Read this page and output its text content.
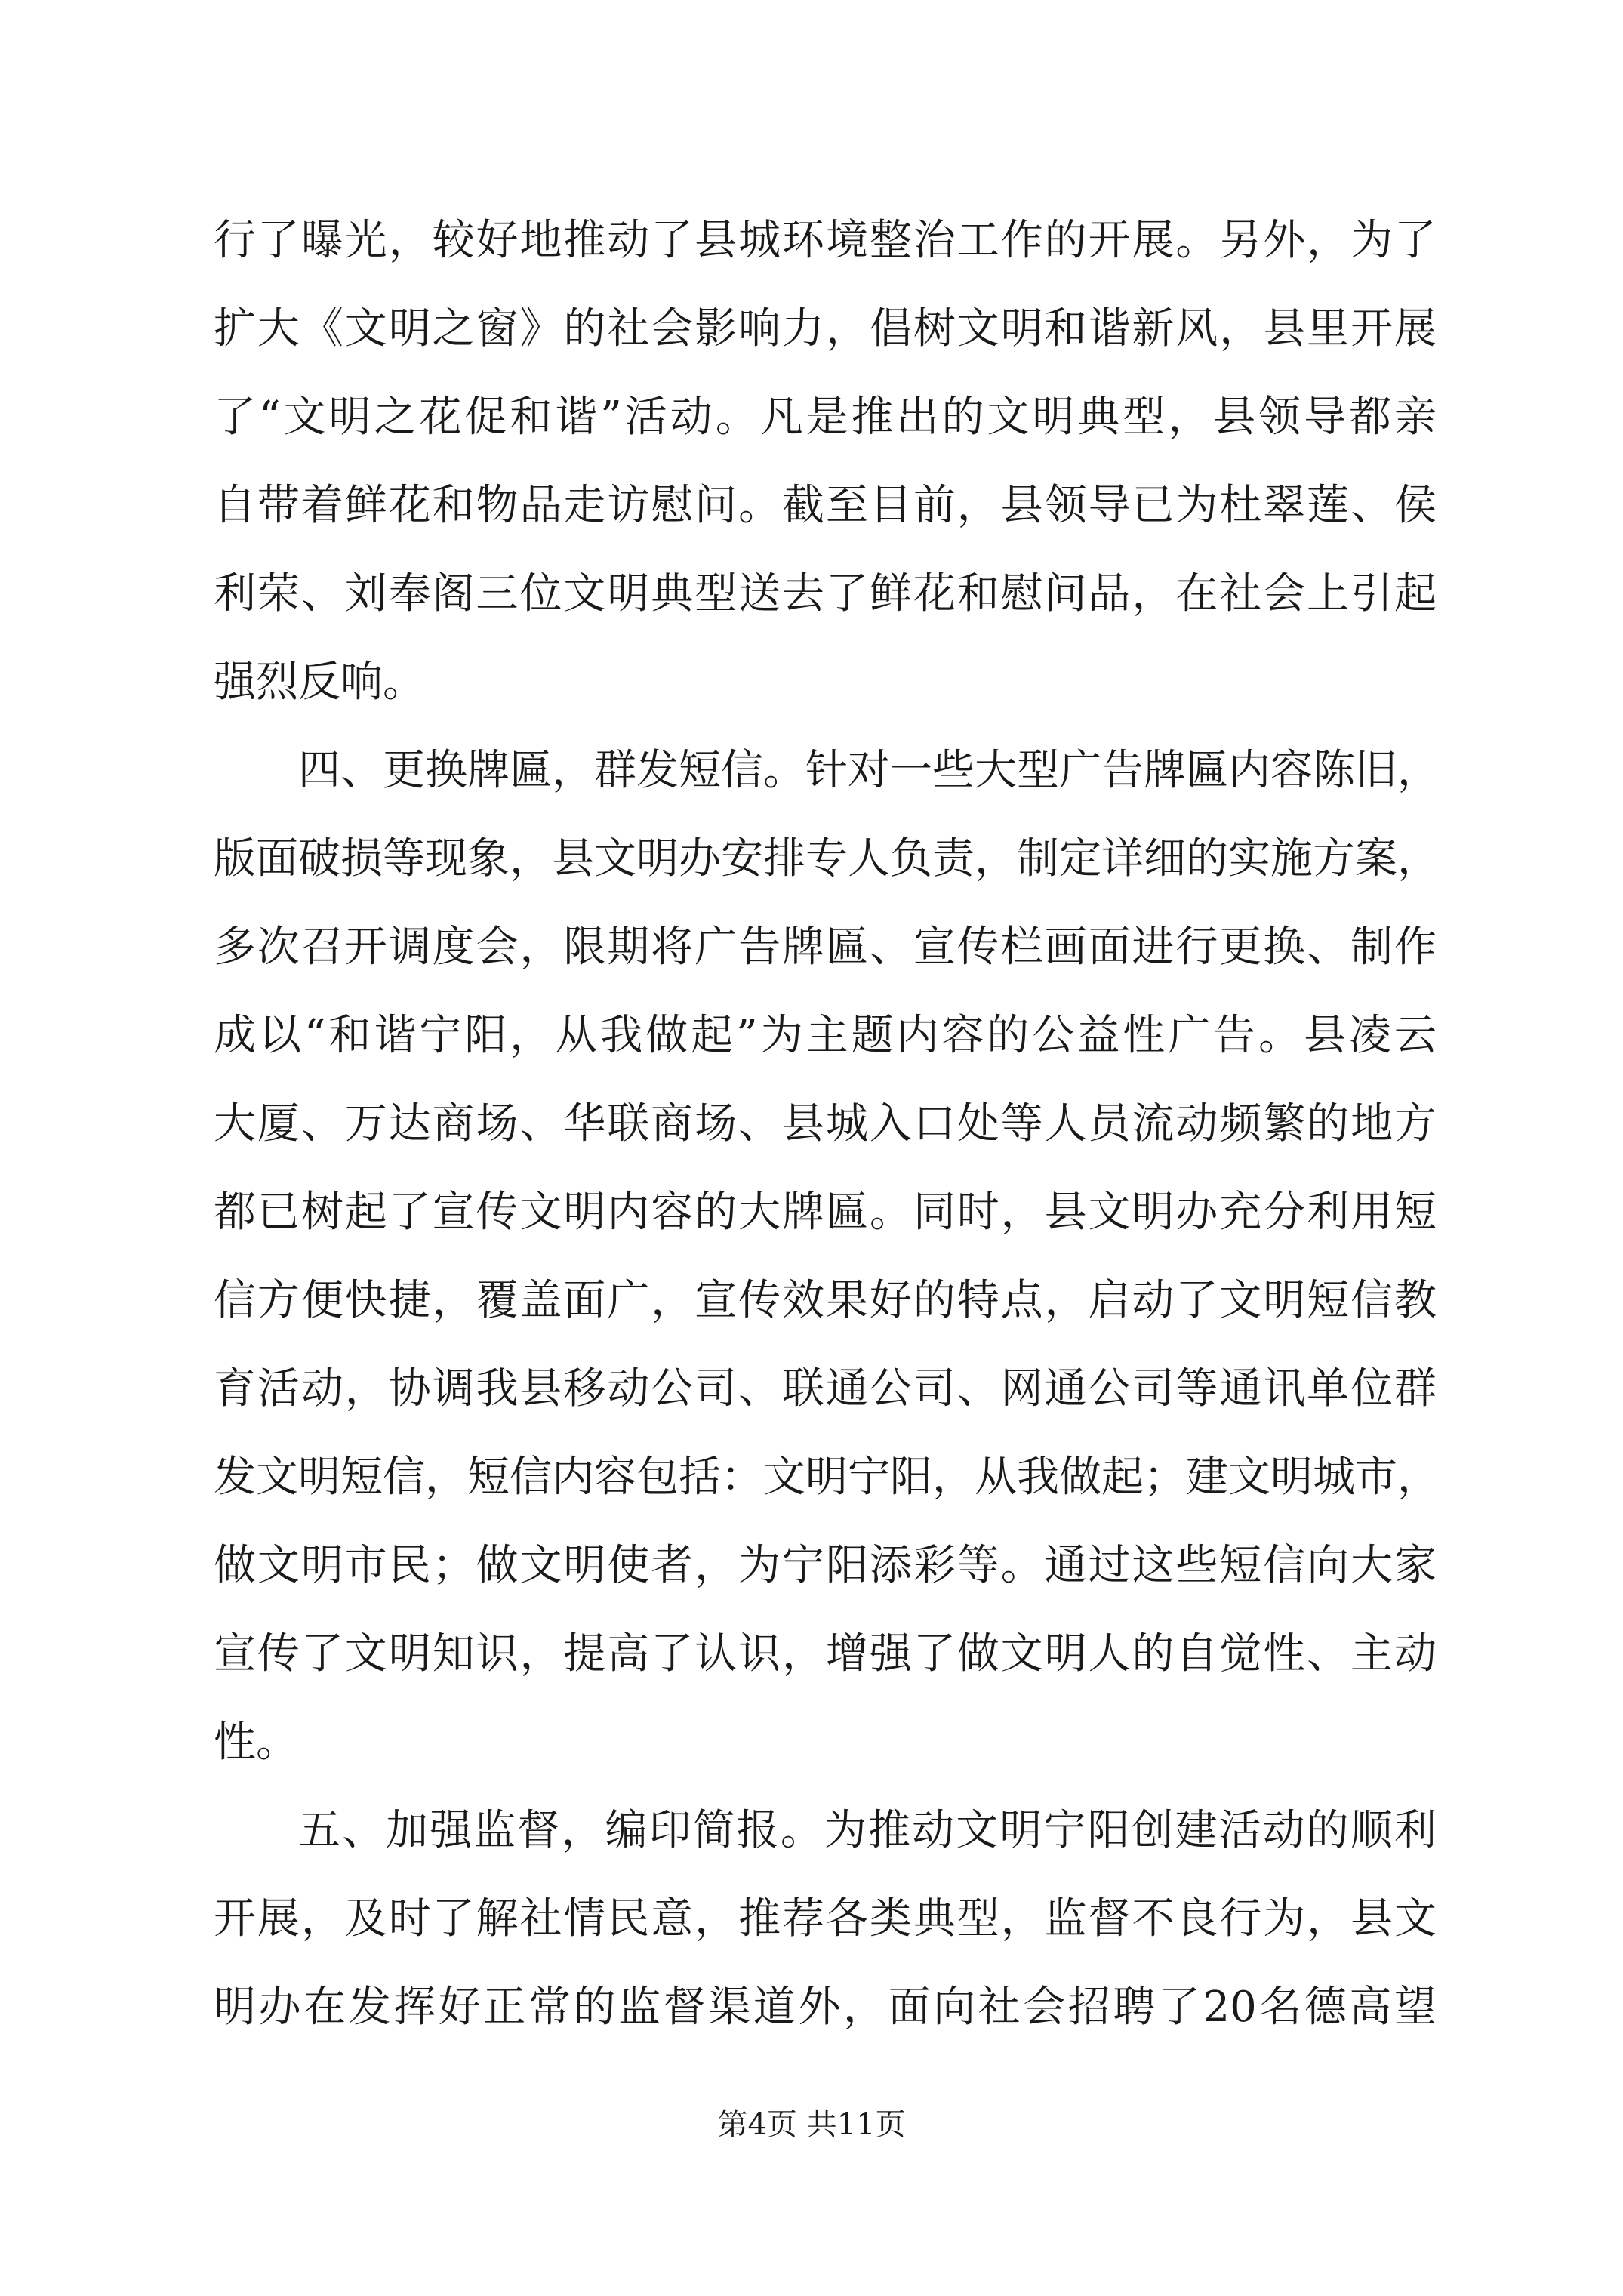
行了曝光，较好地推动了县城环境整治工作的开展。另外，为了
扩大《文明之窗》的社会影响力，倡树文明和谐新风，县里开展
了“文明之花促和谐”活动。凡是推出的文明典型，县领导都亲
自带着鲜花和物品走访慰问。截至目前，县领导已为杜翠莲、侯
利荣、刘奉阁三位文明典型送去了鲜花和慰问品，在社会上引起
强烈反响。
四、更换牌匾，群发短信。针对一些大型广告牌匾内容陈旧，
版面破损等现象，县文明办安排专人负责，制定详细的实施方案，
多次召开调度会，限期将广告牌匾、宣传栏画面进行更换、制作
成以“和谐宁阳，从我做起”为主题内容的公益性广告。县凌云
大厦、万达商场、华联商场、县城入口处等人员流动频繁的地方
都已树起了宣传文明内容的大牌匾。同时，县文明办充分利用短
信方便快捷，覆盖面广，宣传效果好的特点，启动了文明短信教
育活动，协调我县移动公司、联通公司、网通公司等通讯单位群
发文明短信，短信内容包括：文明宁阳，从我做起；建文明城市，
做文明市民；做文明使者，为宁阳添彩等。通过这些短信向大家
宣传了文明知识，提高了认识，增强了做文明人的自觉性、主动
性。
五、加强监督，编印简报。为推动文明宁阳创建活动的顺利
开展，及时了解社情民意，推荐各类典型，监督不良行为，县文
明办在发挥好正常的监督渠道外，面向社会招聘了20名德高望
第4页 共11页
